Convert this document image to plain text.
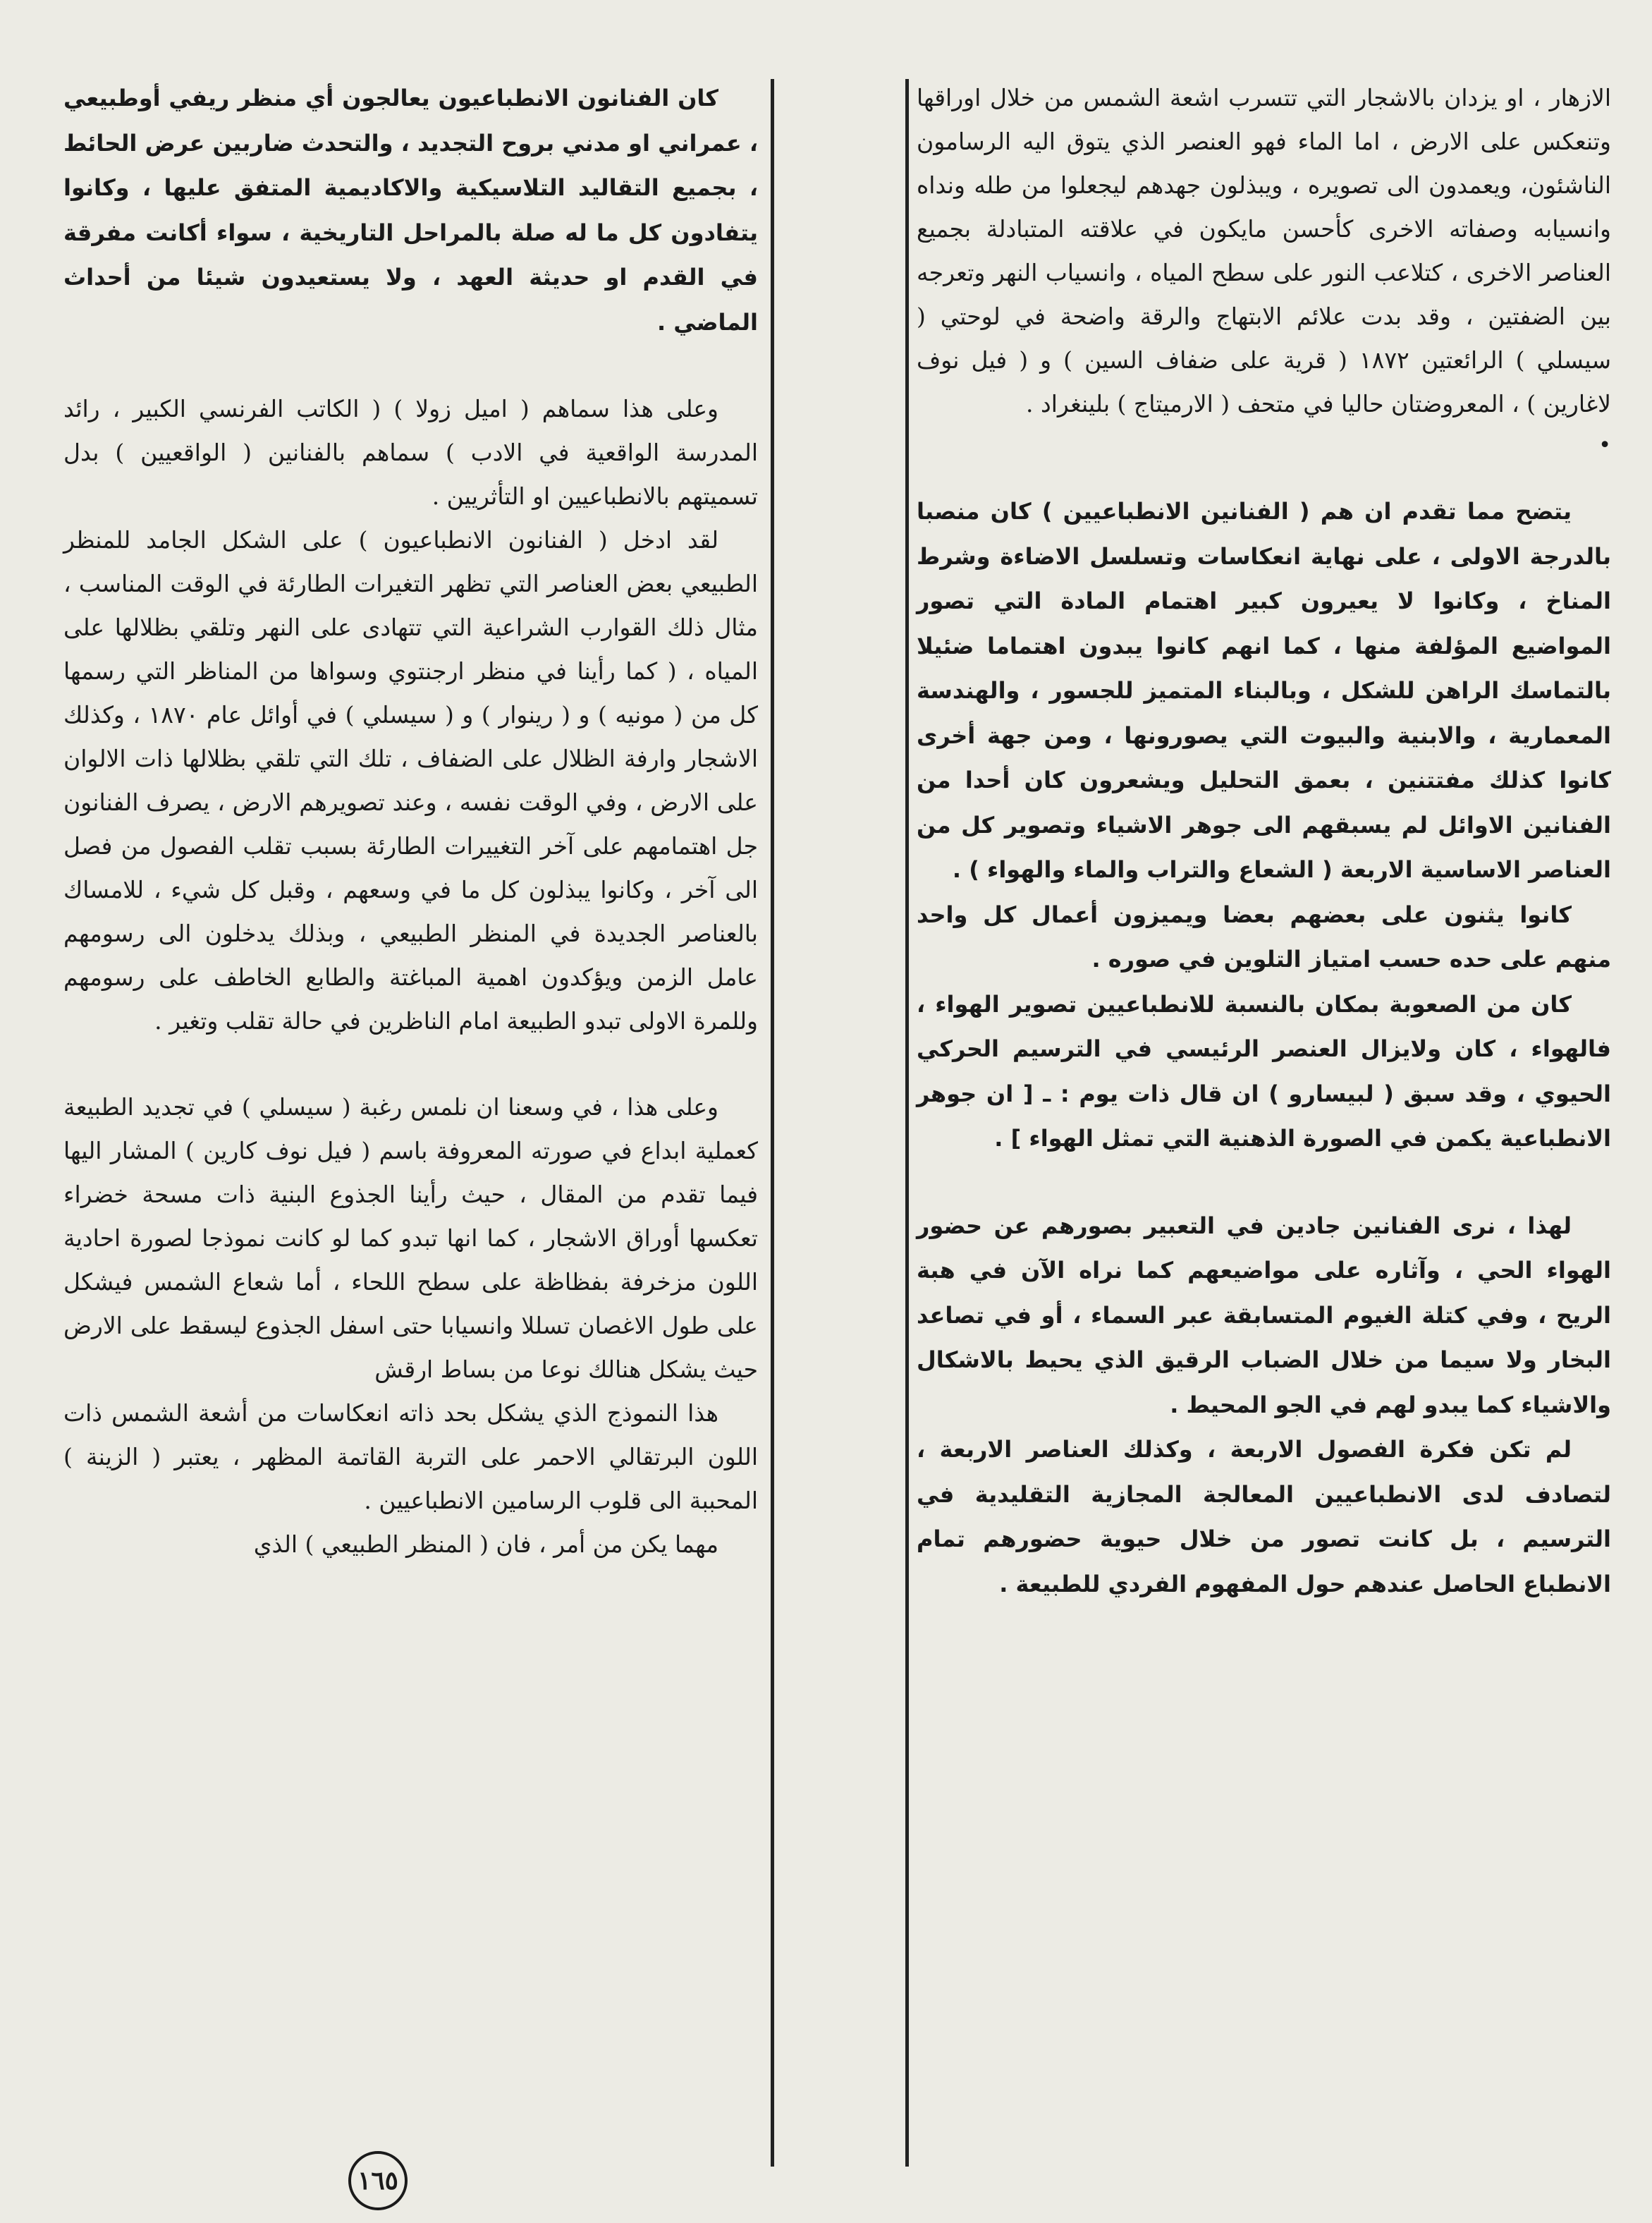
الازهار ، او يزدان بالاشجار التي تتسرب اشعة الشمس من خلال اوراقها وتنعكس على الارض ، اما الماء فهو العنصر الذي يتوق اليه الرسامون الناشئون، ويعمدون الى تصويره ، ويبذلون جهدهم ليجعلوا من طله ونداه وانسيابه وصفاته الاخرى كأحسن مايكون في علاقته المتبادلة بجميع العناصر الاخرى ، كتلاعب النور على سطح المياه ، وانسياب النهر وتعرجه بين الضفتين ، وقد بدت علائم الابتهاج والرقة واضحة في لوحتي ( سيسلي ) الرائعتين ١٨٧٢ ( قرية على ضفاف السين ) و ( فيل نوف لاغارين ) ، المعروضتان حاليا في متحف ( الارميتاج ) بلينغراد .

•

يتضح مما تقدم ان هم ( الفنانين الانطباعيين ) كان منصبا بالدرجة الاولى ، على نهاية انعكاسات وتسلسل الاضاءة وشرط المناخ ، وكانوا لا يعيرون كبير اهتمام المادة التي تصور المواضيع المؤلفة منها ، كما انهم كانوا يبدون اهتماما ضئيلا بالتماسك الراهن للشكل ، وبالبناء المتميز للجسور ، والهندسة المعمارية ، والابنية والبيوت التي يصورونها ، ومن جهة أخرى كانوا كذلك مفتتنين ، بعمق التحليل ويشعرون كان أحدا من الفنانين الاوائل لم يسبقهم الى جوهر الاشياء وتصوير كل من العناصر الاساسية الاربعة ( الشعاع والتراب والماء والهواء ) .

كانوا يثنون على بعضهم بعضا ويميزون أعمال كل واحد منهم على حده حسب امتياز التلوين في صوره .

كان من الصعوبة بمكان بالنسبة للانطباعيين تصوير الهواء ، فالهواء ، كان ولايزال العنصر الرئيسي في الترسيم الحركي الحيوي ، وقد سبق ( لبيسارو ) ان قال ذات يوم : ـ [ ان جوهر الانطباعية يكمن في الصورة الذهنية التي تمثل الهواء ] .

لهذا ، نرى الفنانين جادين في التعبير بصورهم عن حضور الهواء الحي ، وآثاره على مواضيعهم كما نراه الآن في هبة الريح ، وفي كتلة الغيوم المتسابقة عبر السماء ، أو في تصاعد البخار ولا سيما من خلال الضباب الرقيق الذي يحيط بالاشكال والاشياء كما يبدو لهم في الجو المحيط .

لم تكن فكرة الفصول الاربعة ، وكذلك العناصر الاربعة ، لتصادف لدى الانطباعيين المعالجة المجازية التقليدية في الترسيم ، بل كانت تصور من خلال حيوية حضورهم تمام الانطباع الحاصل عندهم حول المفهوم الفردي للطبيعة .

كان الفنانون الانطباعيون يعالجون أي منظر ريفي أوطبيعي ، عمراني او مدني بروح التجديد ، والتحدث ضاربين عرض الحائط ، بجميع التقاليد التلاسيكية والاكاديمية المتفق عليها ، وكانوا يتفادون كل ما له صلة بالمراحل التاريخية ، سواء أكانت مفرقة في القدم او حديثة العهد ، ولا يستعيدون شيئا من أحداث الماضي .

وعلى هذا سماهم ( اميل زولا ) ( الكاتب الفرنسي الكبير ، رائد المدرسة الواقعية في الادب ) سماهم بالفنانين ( الواقعيين ) بدل تسميتهم بالانطباعيين او التأثريين .

لقد ادخل ( الفنانون الانطباعيون ) على الشكل الجامد للمنظر الطبيعي بعض العناصر التي تظهر التغيرات الطارئة في الوقت المناسب ، مثال ذلك القوارب الشراعية التي تتهادى على النهر وتلقي بظلالها على المياه ، ( كما رأينا في منظر ارجنتوي وسواها من المناظر التي رسمها كل من ( مونيه ) و ( رينوار ) و ( سيسلي ) في أوائل عام ١٨٧٠ ، وكذلك الاشجار وارفة الظلال على الضفاف ، تلك التي تلقي بظلالها ذات الالوان على الارض ، وفي الوقت نفسه ، وعند تصويرهم الارض ، يصرف الفنانون جل اهتمامهم على آخر التغييرات الطارئة بسبب تقلب الفصول من فصل الى آخر ، وكانوا يبذلون كل ما في وسعهم ، وقبل كل شيء ، للامساك بالعناصر الجديدة في المنظر الطبيعي ، وبذلك يدخلون الى رسومهم عامل الزمن ويؤكدون اهمية المباغتة والطابع الخاطف على رسومهم وللمرة الاولى تبدو الطبيعة امام الناظرين في حالة تقلب وتغير .

وعلى هذا ، في وسعنا ان نلمس رغبة ( سيسلي ) في تجديد الطبيعة كعملية ابداع في صورته المعروفة باسم ( فيل نوف كارين ) المشار اليها فيما تقدم من المقال ، حيث رأينا الجذوع البنية ذات مسحة خضراء تعكسها أوراق الاشجار ، كما انها تبدو كما لو كانت نموذجا لصورة احادية اللون مزخرفة بفظاظة على سطح اللحاء ، أما شعاع الشمس فيشكل على طول الاغصان تسللا وانسيابا حتى اسفل الجذوع ليسقط على الارض حيث يشكل هنالك نوعا من بساط ارقش

هذا النموذج الذي يشكل بحد ذاته انعكاسات من أشعة الشمس ذات اللون البرتقالي الاحمر على التربة القاتمة المظهر ، يعتبر ( الزينة ) المحببة الى قلوب الرسامين الانطباعيين .

مهما يكن من أمر ، فان ( المنظر الطبيعي ) الذي

١٦٥
